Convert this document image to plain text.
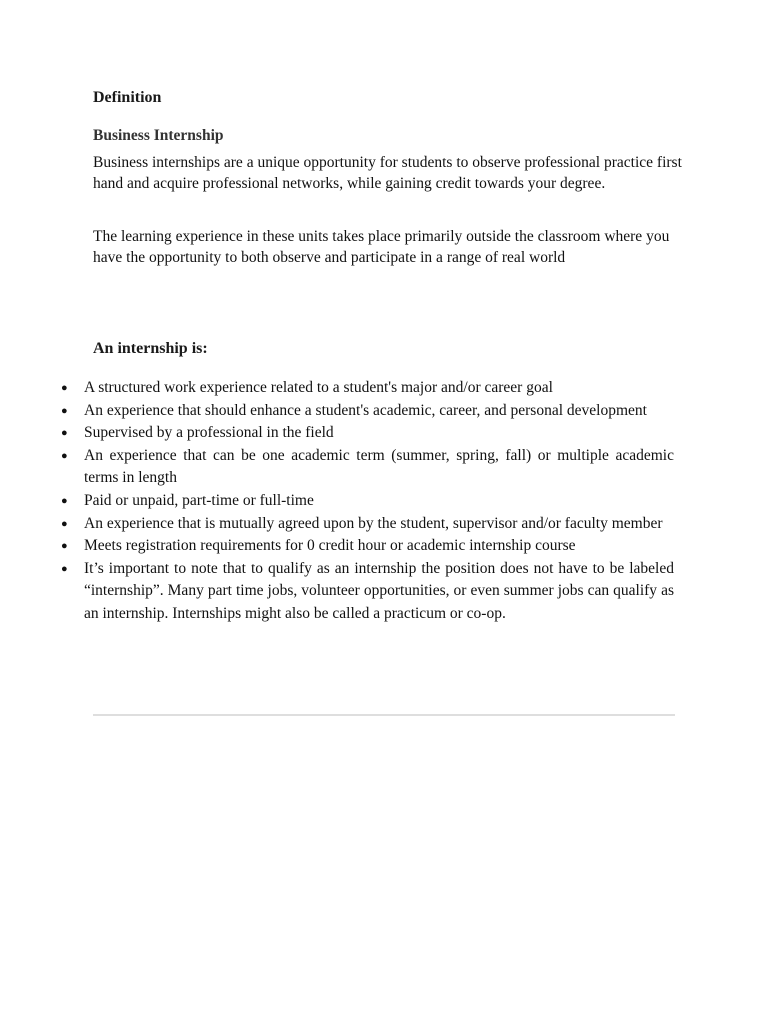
Definition
Business Internship

Business internships are a unique opportunity for students to observe professional practice first hand and acquire professional networks, while gaining credit towards your degree.

The learning experience in these units takes place primarily outside the classroom where you have the opportunity to both observe and participate in a range of real world

An internship is:
● A structured work experience related to a student's major and/or career goal
● An experience that should enhance a student's academic, career, and personal development
● Supervised by a professional in the field
● An experience that can be one academic term (summer, spring, fall) or multiple academic terms in length
● Paid or unpaid, part-time or full-time
● An experience that is mutually agreed upon by the student, supervisor and/or faculty member
● Meets registration requirements for 0 credit hour or academic internship course
● It’s important to note that to qualify as an internship the position does not have to be labeled “internship”. Many part time jobs, volunteer opportunities, or even summer jobs can qualify as an internship. Internships might also be called a practicum or co-op.
